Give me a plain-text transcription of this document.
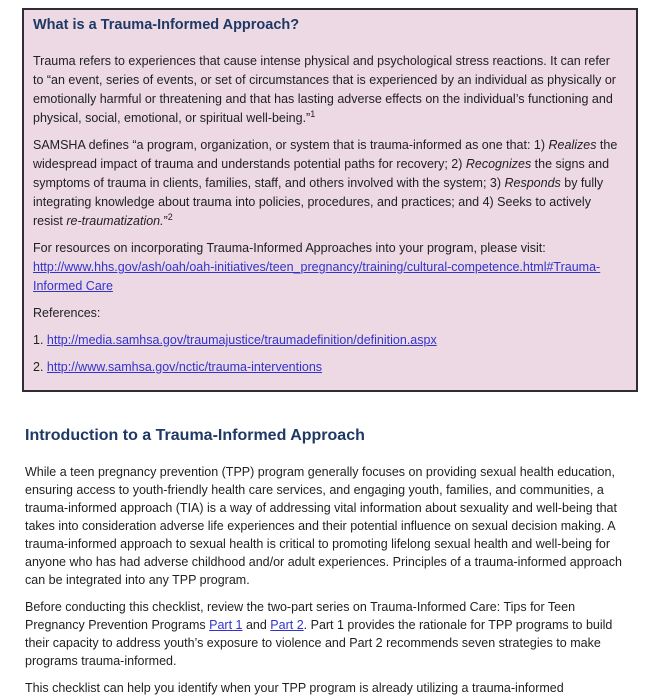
What is a Trauma-Informed Approach?

Trauma refers to experiences that cause intense physical and psychological stress reactions. It can refer to “an event, series of events, or set of circumstances that is experienced by an individual as physically or emotionally harmful or threatening and that has lasting adverse effects on the individual’s functioning and physical, social, emotional, or spiritual well-being.”$^1$

SAMSHA defines “a program, organization, or system that is trauma-informed as one that: 1) Realizes the widespread impact of trauma and understands potential paths for recovery; 2) Recognizes the signs and symptoms of trauma in clients, families, staff, and others involved with the system; 3) Responds by fully integrating knowledge about trauma into policies, procedures, and practices; and 4) Seeks to actively resist re-traumatization.”$^2$

For resources on incorporating Trauma-Informed Approaches into your program, please visit: http://www.hhs.gov/ash/oah/oah-initiatives/teen_pregnancy/training/cultural-competence.html#Trauma-Informed Care

References:

1. http://media.samhsa.gov/traumajustice/traumadefinition/definition.aspx

2. http://www.samhsa.gov/nctic/trauma-interventions

Introduction to a Trauma-Informed Approach

While a teen pregnancy prevention (TPP) program generally focuses on providing sexual health education, ensuring access to youth-friendly health care services, and engaging youth, families, and communities, a trauma-informed approach (TIA) is a way of addressing vital information about sexuality and well-being that takes into consideration adverse life experiences and their potential influence on sexual decision making. A trauma-informed approach to sexual health is critical to promoting lifelong sexual health and well-being for anyone who has had adverse childhood and/or adult experiences. Principles of a trauma-informed approach can be integrated into any TPP program.

Before conducting this checklist, review the two-part series on Trauma-Informed Care: Tips for Teen Pregnancy Prevention Programs Part 1 and Part 2. Part 1 provides the rationale for TPP programs to build their capacity to address youth’s exposure to violence and Part 2 recommends seven strategies to make programs trauma-informed.

This checklist can help you identify when your TPP program is already utilizing a trauma-informed
